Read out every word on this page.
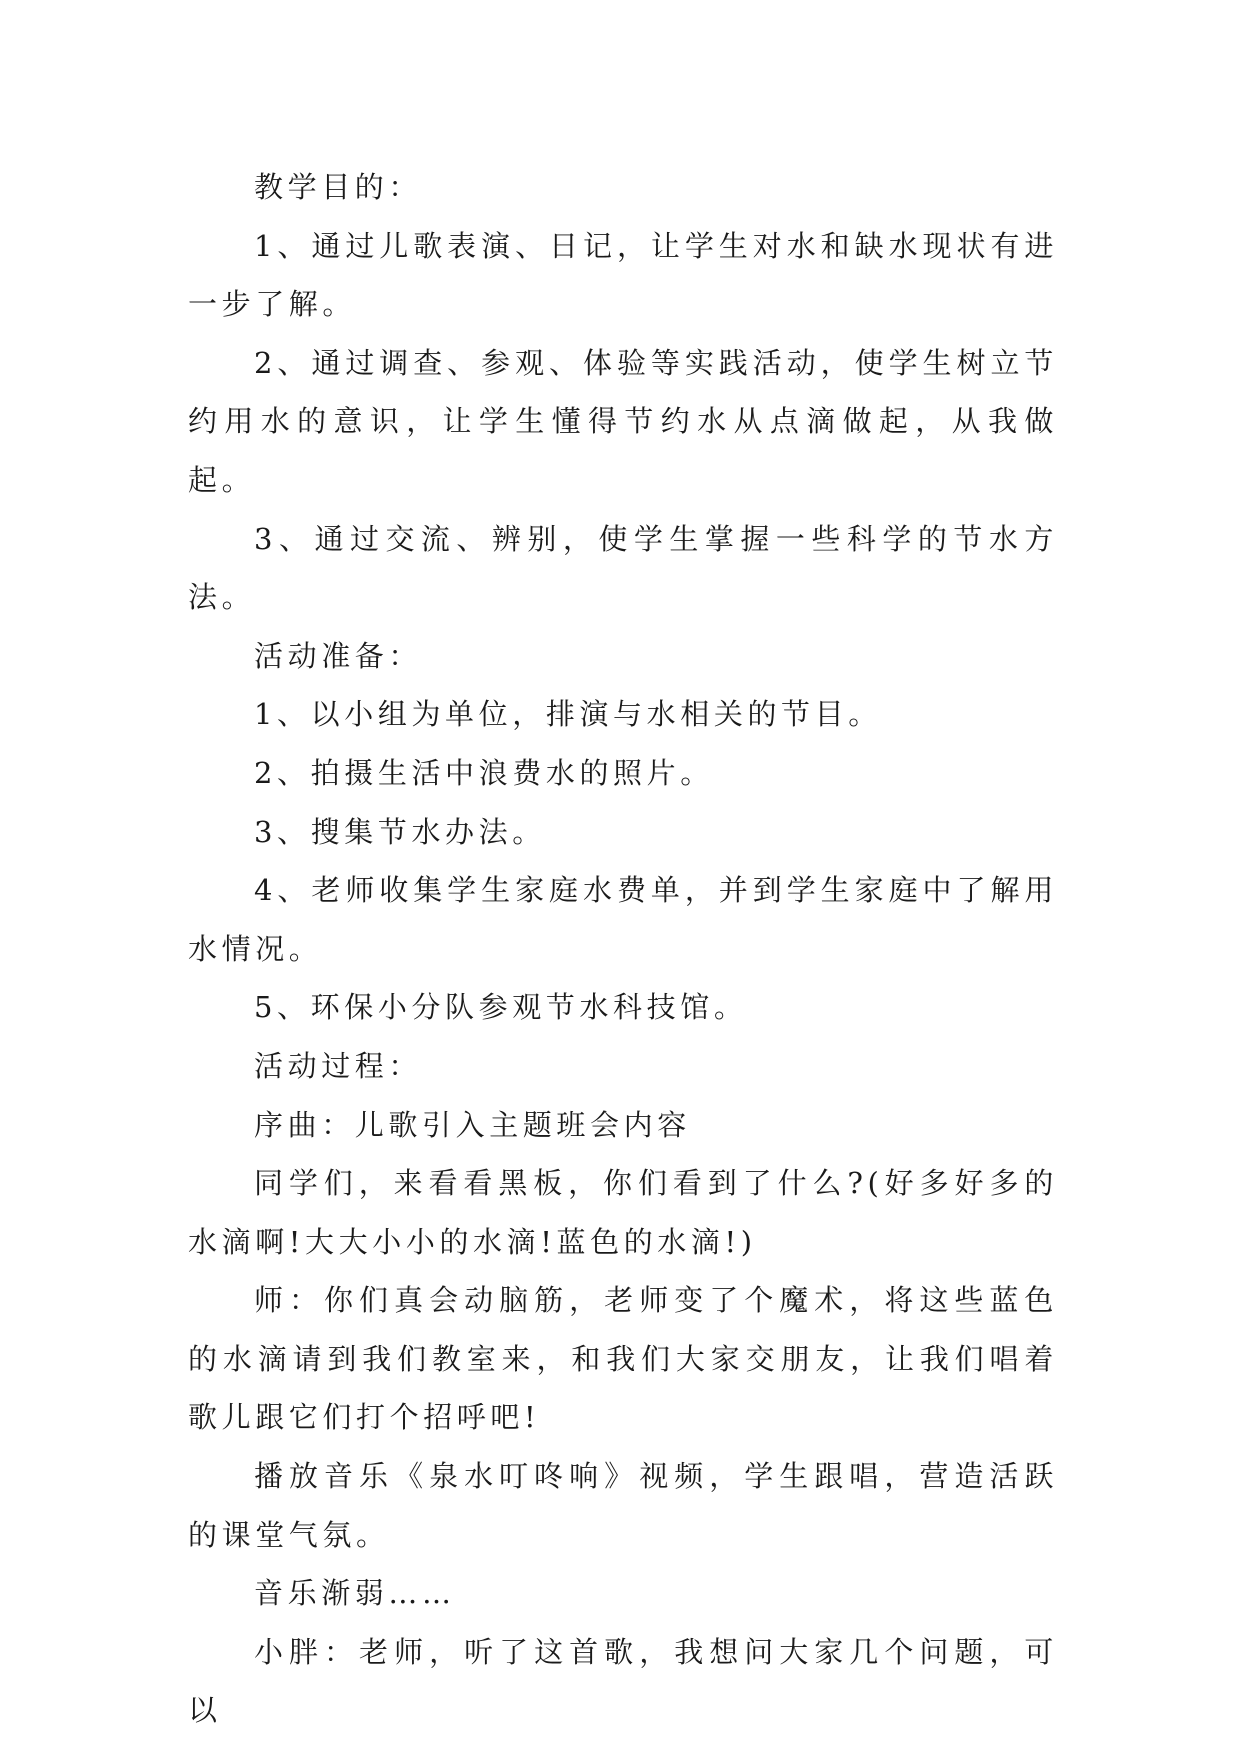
教学目的：

1、通过儿歌表演、日记，让学生对水和缺水现状有进一步了解。

2、通过调查、参观、体验等实践活动，使学生树立节约用水的意识，让学生懂得节约水从点滴做起，从我做起。

3、通过交流、辨别，使学生掌握一些科学的节水方法。

活动准备：

1、以小组为单位，排演与水相关的节目。

2、拍摄生活中浪费水的照片。

3、搜集节水办法。

4、老师收集学生家庭水费单，并到学生家庭中了解用水情况。

5、环保小分队参观节水科技馆。

活动过程：

序曲：儿歌引入主题班会内容

同学们，来看看黑板，你们看到了什么?(好多好多的水滴啊!大大小小的水滴!蓝色的水滴!)

师：你们真会动脑筋，老师变了个魔术，将这些蓝色的水滴请到我们教室来，和我们大家交朋友，让我们唱着歌儿跟它们打个招呼吧!

播放音乐《泉水叮咚响》视频，学生跟唱，营造活跃的课堂气氛。

音乐渐弱……

小胖：老师，听了这首歌，我想问大家几个问题，可以
